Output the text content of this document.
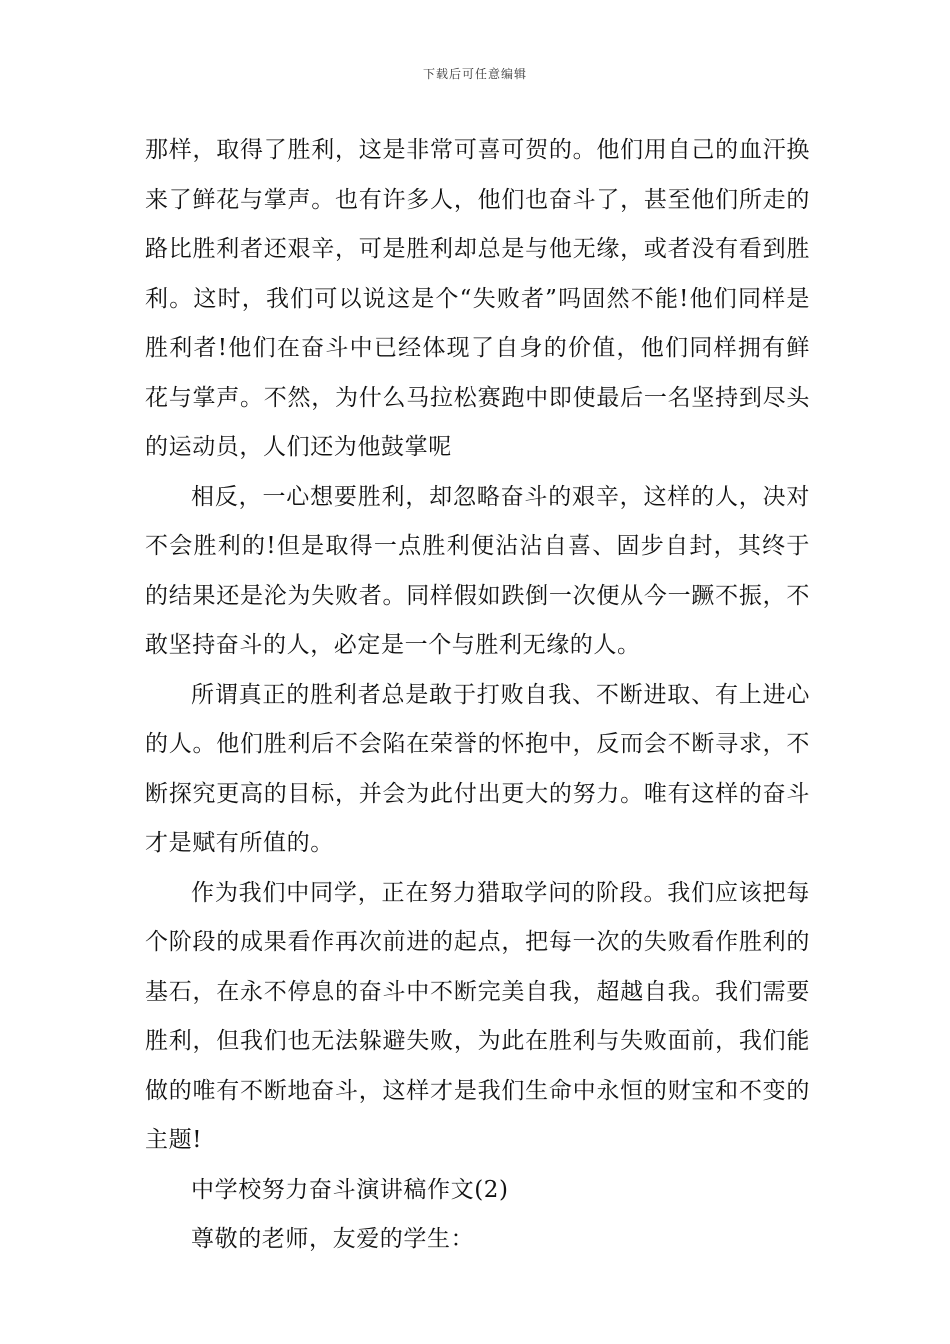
下载后可任意编辑

那样，取得了胜利，这是非常可喜可贺的。他们用自己的血汗换来了鲜花与掌声。也有许多人，他们也奋斗了，甚至他们所走的路比胜利者还艰辛，可是胜利却总是与他无缘，或者没有看到胜利。这时，我们可以说这是个“失败者”吗固然不能!他们同样是胜利者!他们在奋斗中已经体现了自身的价值，他们同样拥有鲜花与掌声。不然，为什么马拉松赛跑中即使最后一名坚持到尽头的运动员，人们还为他鼓掌呢

相反，一心想要胜利，却忽略奋斗的艰辛，这样的人，决对不会胜利的!但是取得一点胜利便沾沾自喜、固步自封，其终于的结果还是沦为失败者。同样假如跌倒一次便从今一蹶不振，不敢坚持奋斗的人，必定是一个与胜利无缘的人。

所谓真正的胜利者总是敢于打败自我、不断进取、有上进心的人。他们胜利后不会陷在荣誉的怀抱中，反而会不断寻求，不断探究更高的目标，并会为此付出更大的努力。唯有这样的奋斗才是赋有所值的。

作为我们中同学，正在努力猎取学问的阶段。我们应该把每个阶段的成果看作再次前进的起点，把每一次的失败看作胜利的基石，在永不停息的奋斗中不断完美自我，超越自我。我们需要胜利，但我们也无法躲避失败，为此在胜利与失败面前，我们能做的唯有不断地奋斗，这样才是我们生命中永恒的财宝和不变的主题!

中学校努力奋斗演讲稿作文(2)

尊敬的老师，友爱的学生：
